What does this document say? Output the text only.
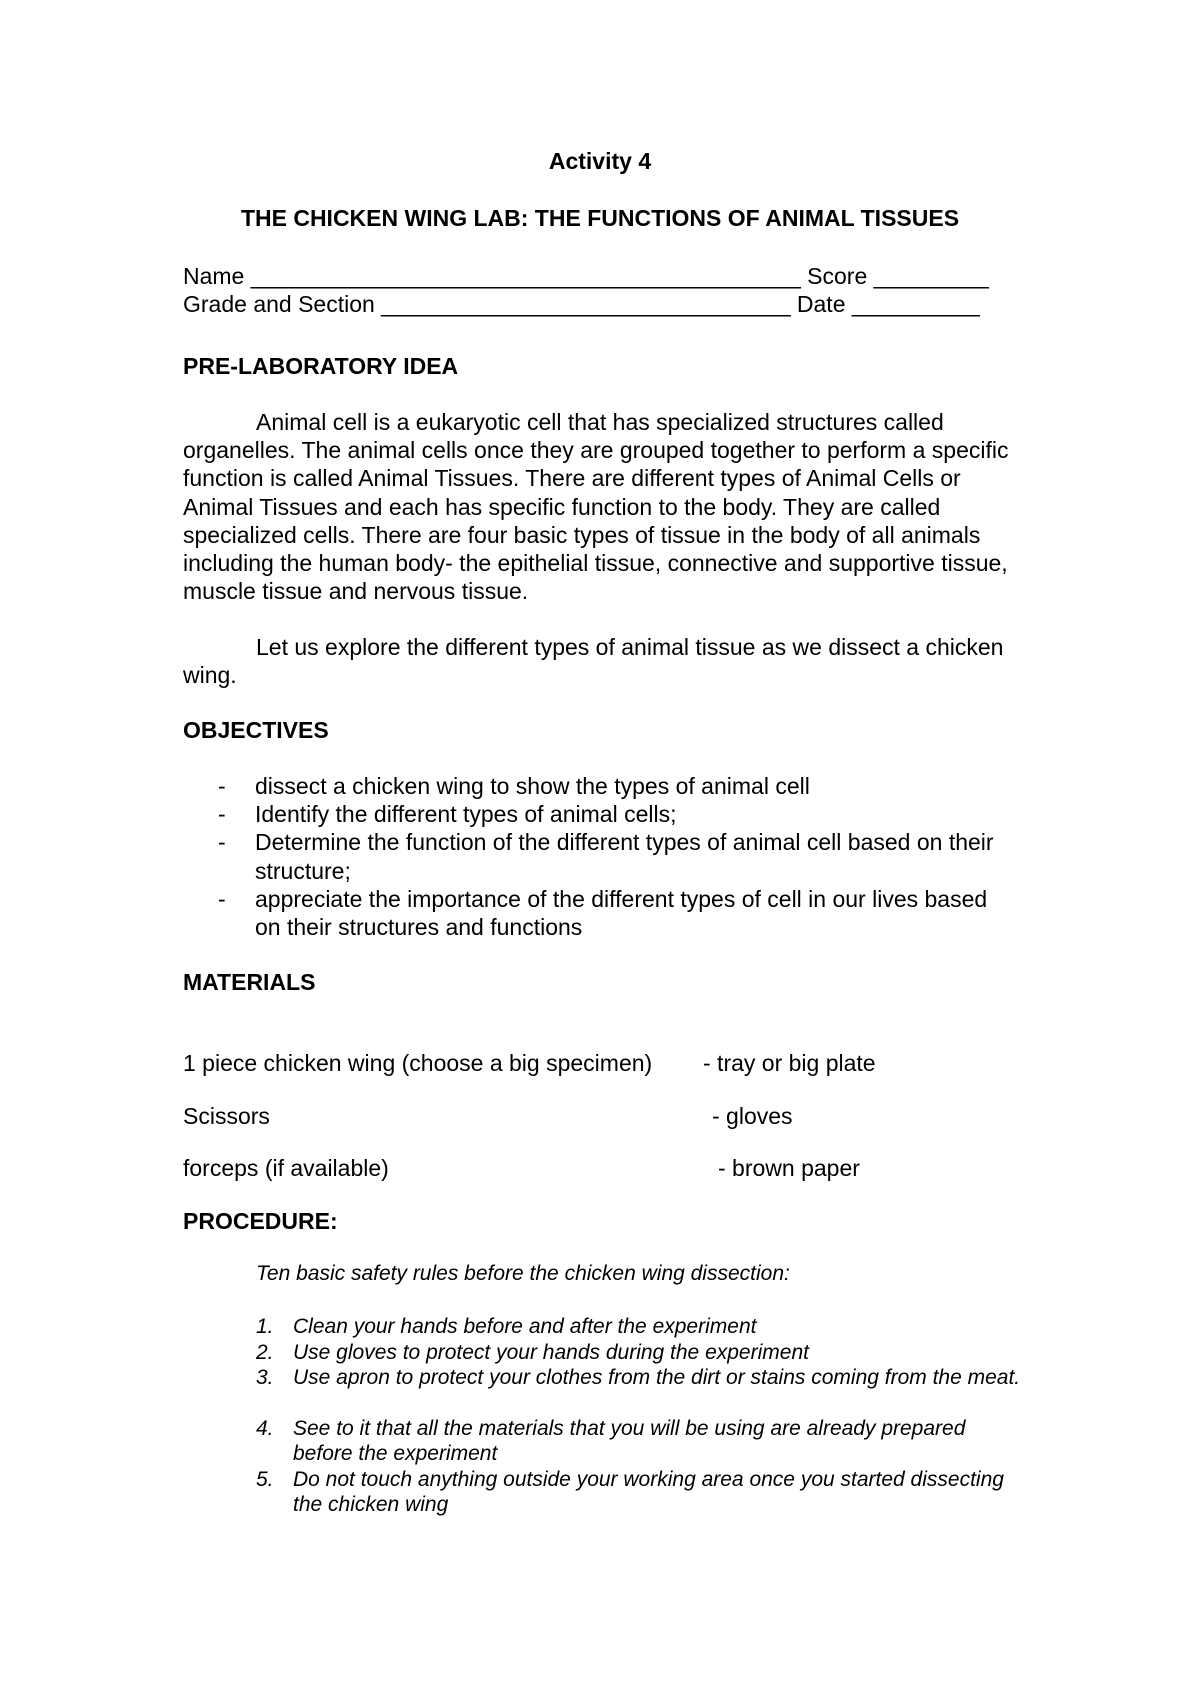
Activity 4
THE CHICKEN WING LAB: THE FUNCTIONS OF ANIMAL TISSUES
Name ___________________________________________ Score _________
Grade and Section ________________________________ Date __________
PRE-LABORATORY IDEA
Animal cell is a eukaryotic cell that has specialized structures called organelles. The animal cells once they are grouped together to perform a specific function is called Animal Tissues. There are different types of Animal Cells or Animal Tissues and each has specific function to the body. They are called specialized cells. There are four basic types of tissue in the body of all animals including the human body- the epithelial tissue, connective and supportive tissue, muscle tissue and nervous tissue.
Let us explore the different types of animal tissue as we dissect a chicken wing.
OBJECTIVES
- dissect a chicken wing to show the types of animal cell
- Identify the different types of animal cells;
- Determine the function of the different types of animal cell based on their structure;
- appreciate the importance of the different types of cell in our lives based on their structures and functions
MATERIALS
1 piece chicken wing (choose a big specimen) - tray or big plate
Scissors	- gloves
forceps (if available)	- brown paper
PROCEDURE:
Ten basic safety rules before the chicken wing dissection:
1. Clean your hands before and after the experiment
2. Use gloves to protect your hands during the experiment
3. Use apron to protect your clothes from the dirt or stains coming from the meat.
4. See to it that all the materials that you will be using are already prepared before the experiment
5. Do not touch anything outside your working area once you started dissecting the chicken wing
